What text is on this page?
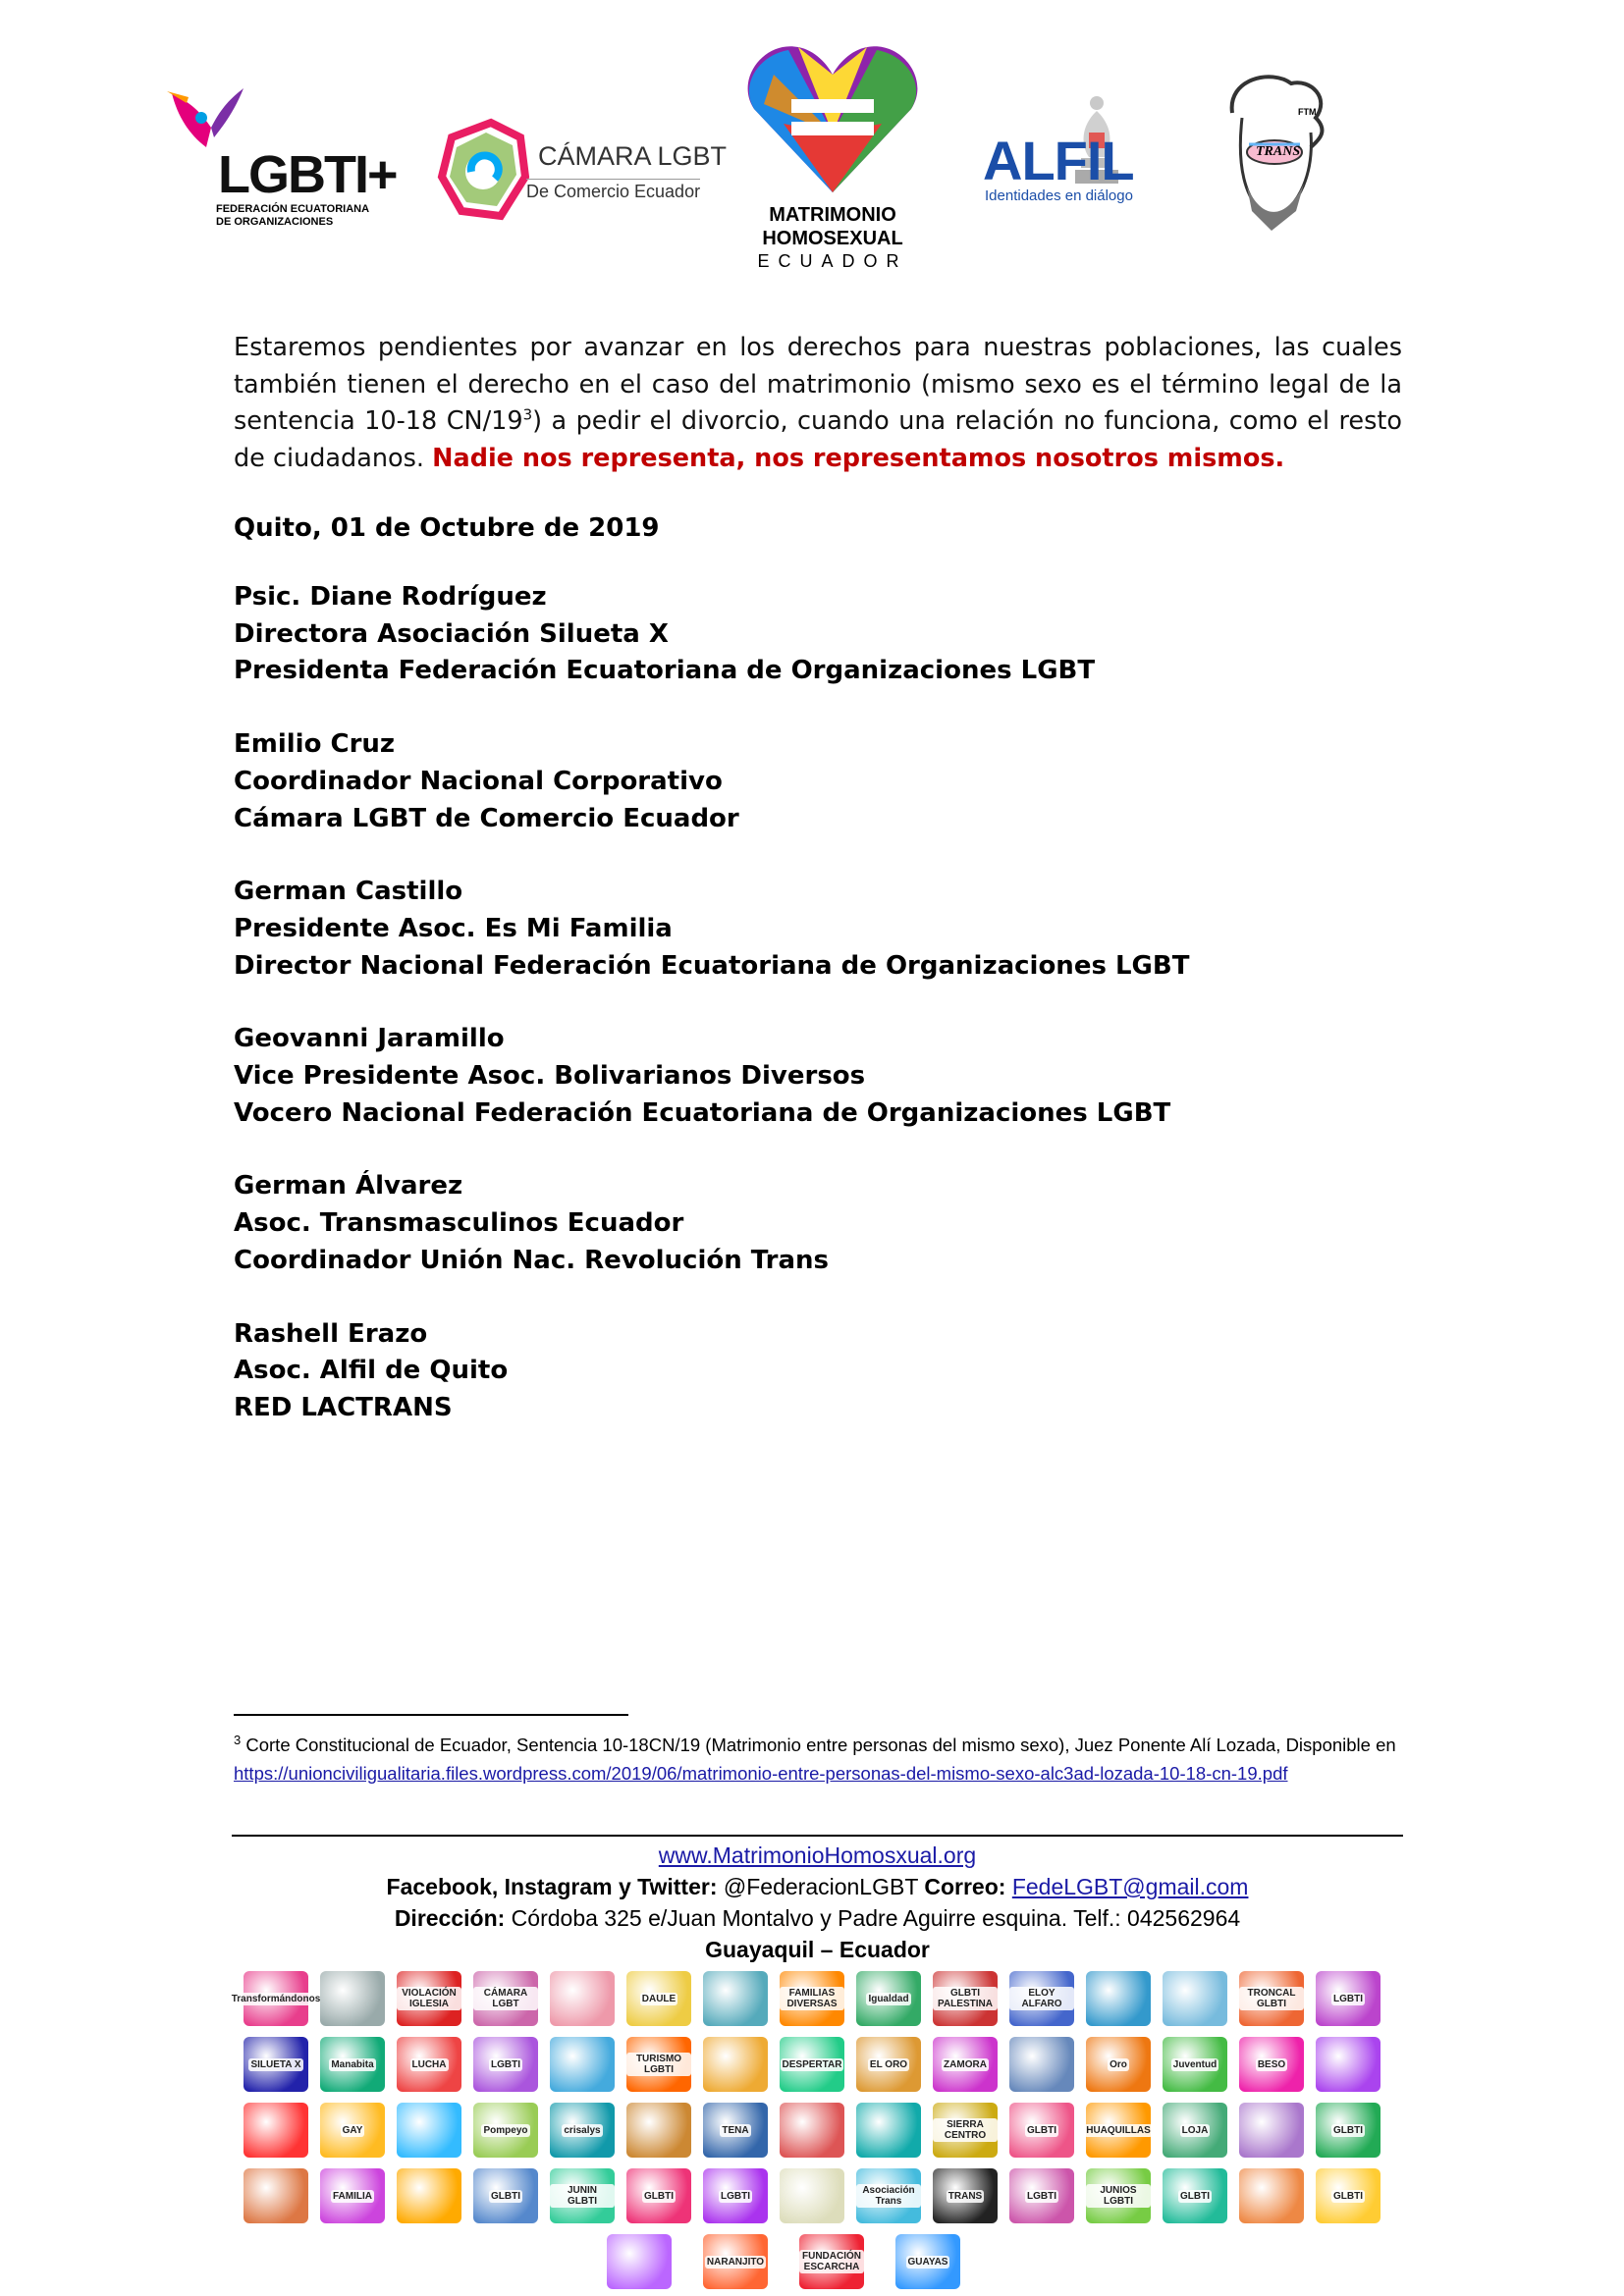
LGBTI+
FEDERACIÓN ECUATORIANA
DE ORGANIZACIONES
CÁMARA LGBT
De Comercio Ecuador
MATRIMONIO
HOMOSEXUAL
ECUADOR
ALFIL
Identidades en diálogo
FTM
TRANS

Estaremos pendientes por avanzar en los derechos para nuestras poblaciones, las cuales también tienen el derecho en el caso del matrimonio (mismo sexo es el término legal de la sentencia 10-18 $CN/19^3$) a pedir el divorcio, cuando una relación no funciona, como el resto de ciudadanos. Nadie nos representa, nos representamos nosotros mismos.

Quito, 01 de Octubre de 2019
Psic. Diane Rodríguez
Directora Asociación Silueta X
Presidenta Federación Ecuatoriana de Organizaciones LGBT
Emilio Cruz
Coordinador Nacional Corporativo
Cámara LGBT de Comercio Ecuador
German Castillo
Presidente Asoc. Es Mi Familia
Director Nacional Federación Ecuatoriana de Organizaciones LGBT
Geovanni Jaramillo
Vice Presidente Asoc. Bolivarianos Diversos
Vocero Nacional Federación Ecuatoriana de Organizaciones LGBT
German Álvarez
Asoc. Transmasculinos Ecuador
Coordinador Unión Nac. Revolución Trans
Rashell Erazo
Asoc. Alfil de Quito
RED LACTRANS
$^3$ Corte Constitucional de Ecuador, Sentencia 10-18CN/19 (Matrimonio entre personas del mismo sexo), Juez Ponente Alí Lozada, Disponible en
https://unionciviligualitaria.files.wordpress.com/2019/06/matrimonio-entre-personas-del-mismo-sexo-alc3ad-lozada-10-18-cn-19.pdf
www.MatrimonioHomosxual.org
Facebook, Instagram y Twitter: @FederacionLGBT Correo: FedeLGBT@gmail.com
Dirección: Córdoba 325 e/Juan Montalvo y Padre Aguirre esquina. Telf.: 042562964
Guayaquil – Ecuador
Transformándonos	VIOLACIÓN IGLESIA
CÁMARA LGBT	DAULE	FAMILIAS DIVERSAS	Igualdad	GLBTI PALESTINA
ELOY ALFARO
TRONCAL GLBTI	LGBTI
SILUETA X	Manabita	LUCHA	LGBTI	TURISMO LGBTI	DESPERTAR	EL ORO	ZAMORA	Oro	Juventud	BESO
GAY	Pompeyo	crisalys	TENA	SIERRA CENTRO	GLBTI	HUAQUILLAS	LOJA	GLBTI
FAMILIA	GLBTI	JUNIN GLBTI	GLBTI	LGBTI	Asociación Trans	TRANS	LGBTI	JUNIOS LGBTI	GLBTI	GLBTI
NARANJITO	FUNDACIÓN ESCARCHA	GUAYAS
